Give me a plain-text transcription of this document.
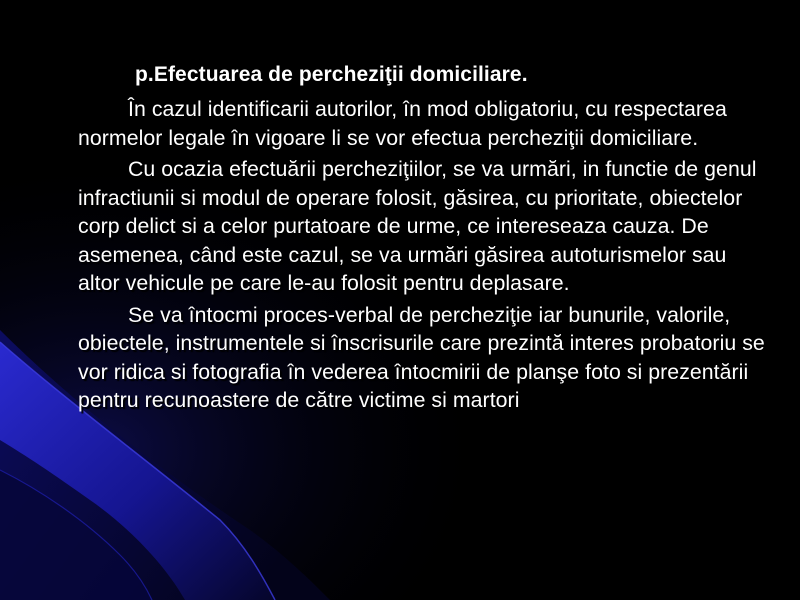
p.Efectuarea de percheziţii domiciliare.

În cazul identificarii autorilor, în mod obligatoriu, cu respectarea normelor legale în vigoare li se vor efectua percheziţii domiciliare.

Cu ocazia efectuării percheziţiilor, se va urmări, in functie de genul infractiunii si modul de operare folosit, găsirea, cu prioritate, obiectelor corp delict si a celor purtatoare de urme, ce intereseaza cauza. De asemenea, când este cazul, se va urmări găsirea autoturismelor sau altor vehicule pe care le-au folosit pentru deplasare.

Se va întocmi proces-verbal de percheziţie iar bunurile, valorile, obiectele, instrumentele si înscrisurile care prezintă interes probatoriu se vor ridica si fotografia în vederea întocmirii de planşe foto si prezentării pentru recunoastere de către victime si martori
